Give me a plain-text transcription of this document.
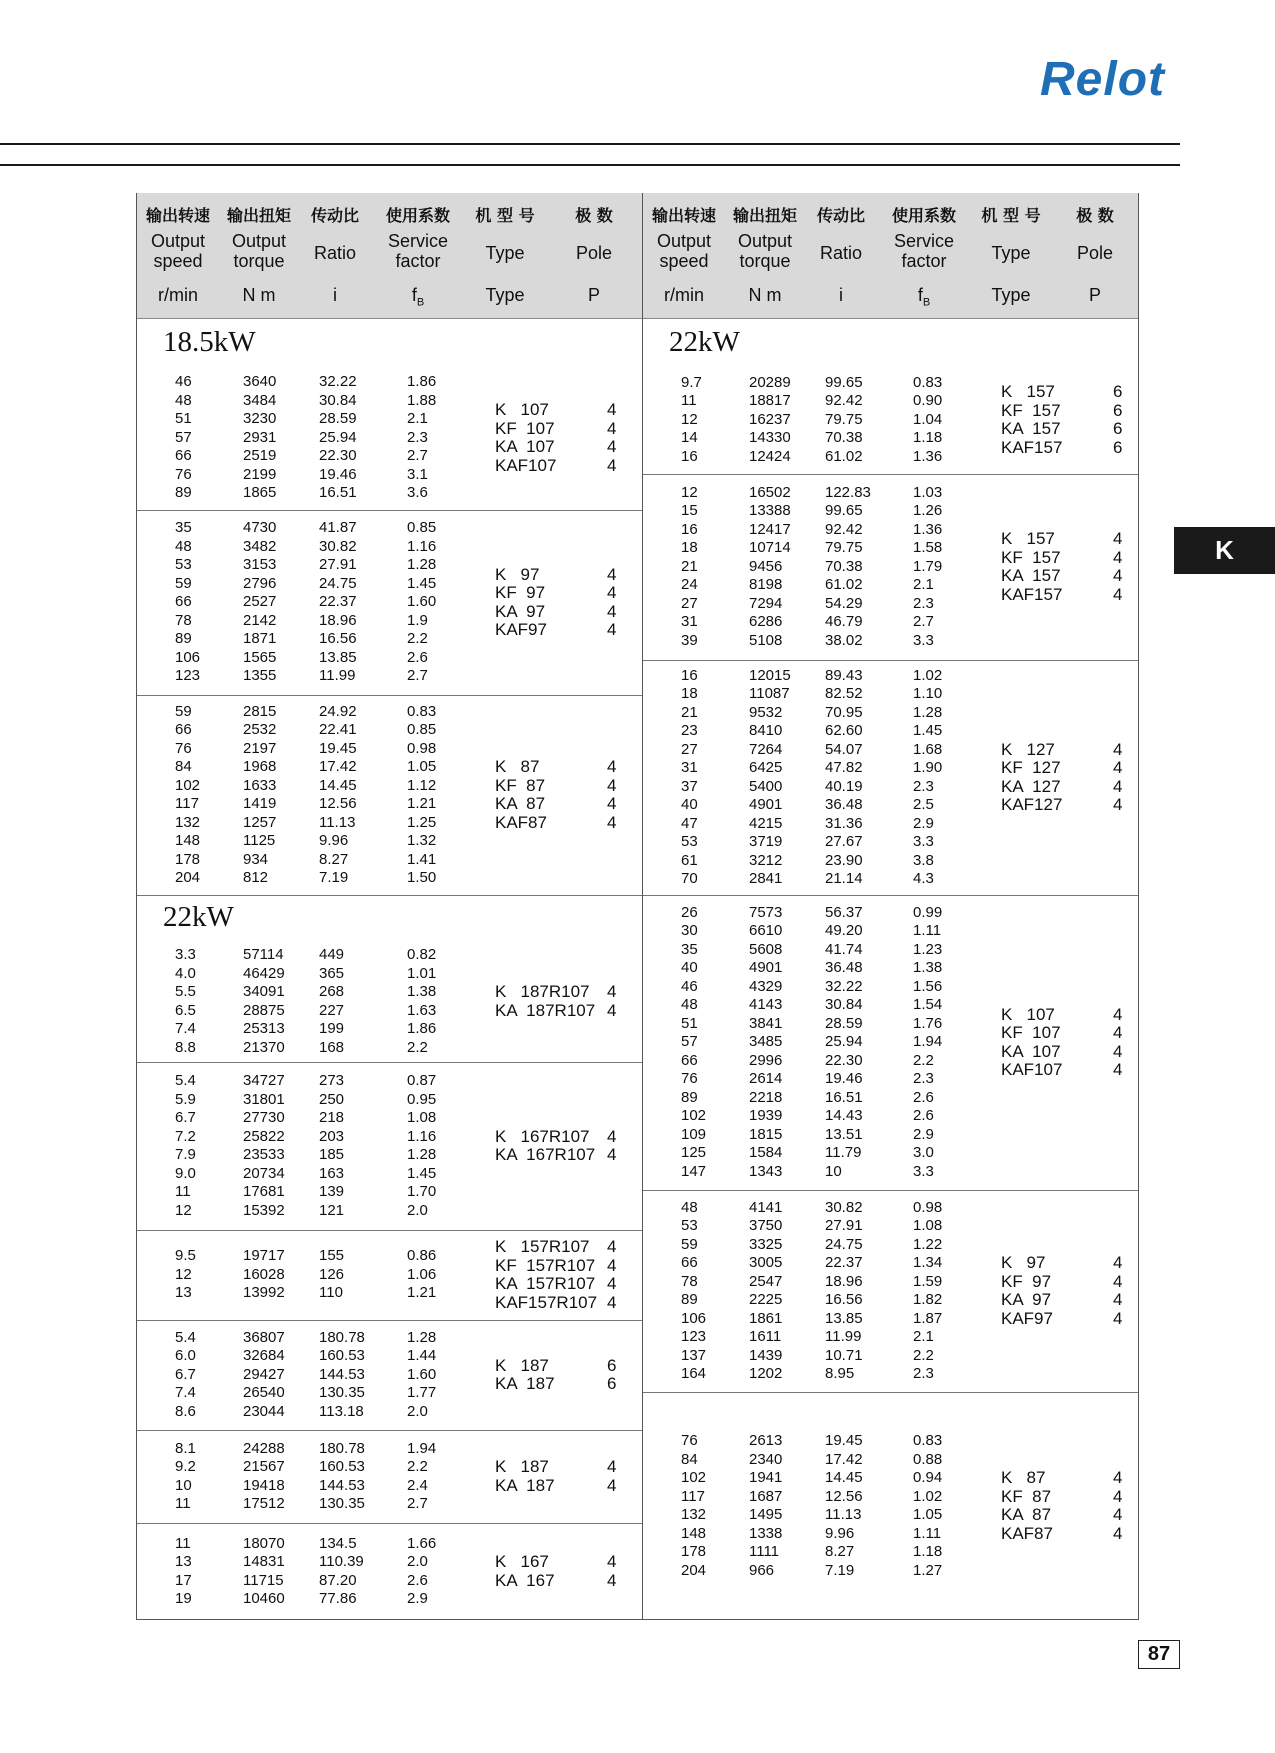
Relot
K
输出转速
Output
speed
r/min
输出扭矩
Output
torque
N m
传动比
Ratio
i
使用系数
Service
factor
$f_B$
机 型 号
Type
Type
极 数
Pole
P
输出转速
Output
speed
r/min
输出扭矩
Output
torque
N m
传动比
Ratio
i
使用系数
Service
factor
$f_B$
机 型 号
Type
Type
极 数
Pole
P
18.5kW
46
48
51
57
66
76
89
3640
3484
3230
2931
2519
2199
1865
32.22
30.84
28.59
25.94
22.30
19.46
16.51
1.86
1.88
2.1
2.3
2.7
3.1
3.6
K   107
KF  107
KA  107
KAF107
4
4
4
4
35
48
53
59
66
78
89
106
123
4730
3482
3153
2796
2527
2142
1871
1565
1355
41.87
30.82
27.91
24.75
22.37
18.96
16.56
13.85
11.99
0.85
1.16
1.28
1.45
1.60
1.9
2.2
2.6
2.7
K   97
KF  97
KA  97
KAF97
4
4
4
4
59
66
76
84
102
117
132
148
178
204
2815
2532
2197
1968
1633
1419
1257
1125
934
812
24.92
22.41
19.45
17.42
14.45
12.56
11.13
9.96
8.27
7.19
0.83
0.85
0.98
1.05
1.12
1.21
1.25
1.32
1.41
1.50
K   87
KF  87
KA  87
KAF87
4
4
4
4
22kW
3.3
4.0
5.5
6.5
7.4
8.8
57114
46429
34091
28875
25313
21370
449
365
268
227
199
168
0.82
1.01
1.38
1.63
1.86
2.2
K   187R107
KA  187R107
4
4
5.4
5.9
6.7
7.2
7.9
9.0
11
12
34727
31801
27730
25822
23533
20734
17681
15392
273
250
218
203
185
163
139
121
0.87
0.95
1.08
1.16
1.28
1.45
1.70
2.0
K   167R107
KA  167R107
4
4
9.5
12
13
19717
16028
13992
155
126
110
0.86
1.06
1.21
K   157R107
KF  157R107
KA  157R107
KAF157R107
4
4
4
4
5.4
6.0
6.7
7.4
8.6
36807
32684
29427
26540
23044
180.78
160.53
144.53
130.35
113.18
1.28
1.44
1.60
1.77
2.0
K   187
KA  187
6
6
8.1
9.2
10
11
24288
21567
19418
17512
180.78
160.53
144.53
130.35
1.94
2.2
2.4
2.7
K   187
KA  187
4
4
11
13
17
19
18070
14831
11715
10460
134.5
110.39
87.20
77.86
1.66
2.0
2.6
2.9
K   167
KA  167
4
4
22kW
9.7
11
12
14
16
20289
18817
16237
14330
12424
99.65
92.42
79.75
70.38
61.02
0.83
0.90
1.04
1.18
1.36
K   157
KF  157
KA  157
KAF157
6
6
6
6
12
15
16
18
21
24
27
31
39
16502
13388
12417
10714
9456
8198
7294
6286
5108
122.83
99.65
92.42
79.75
70.38
61.02
54.29
46.79
38.02
1.03
1.26
1.36
1.58
1.79
2.1
2.3
2.7
3.3
K   157
KF  157
KA  157
KAF157
4
4
4
4
16
18
21
23
27
31
37
40
47
53
61
70
12015
11087
9532
8410
7264
6425
5400
4901
4215
3719
3212
2841
89.43
82.52
70.95
62.60
54.07
47.82
40.19
36.48
31.36
27.67
23.90
21.14
1.02
1.10
1.28
1.45
1.68
1.90
2.3
2.5
2.9
3.3
3.8
4.3
K   127
KF  127
KA  127
KAF127
4
4
4
4
26
30
35
40
46
48
51
57
66
76
89
102
109
125
147
7573
6610
5608
4901
4329
4143
3841
3485
2996
2614
2218
1939
1815
1584
1343
56.37
49.20
41.74
36.48
32.22
30.84
28.59
25.94
22.30
19.46
16.51
14.43
13.51
11.79
10
0.99
1.11
1.23
1.38
1.56
1.54
1.76
1.94
2.2
2.3
2.6
2.6
2.9
3.0
3.3
K   107
KF  107
KA  107
KAF107
4
4
4
4
48
53
59
66
78
89
106
123
137
164
4141
3750
3325
3005
2547
2225
1861
1611
1439
1202
30.82
27.91
24.75
22.37
18.96
16.56
13.85
11.99
10.71
8.95
0.98
1.08
1.22
1.34
1.59
1.82
1.87
2.1
2.2
2.3
K   97
KF  97
KA  97
KAF97
4
4
4
4
76
84
102
117
132
148
178
204
2613
2340
1941
1687
1495
1338
1111
966
19.45
17.42
14.45
12.56
11.13
9.96
8.27
7.19
0.83
0.88
0.94
1.02
1.05
1.11
1.18
1.27
K   87
KF  87
KA  87
KAF87
4
4
4
4
87
